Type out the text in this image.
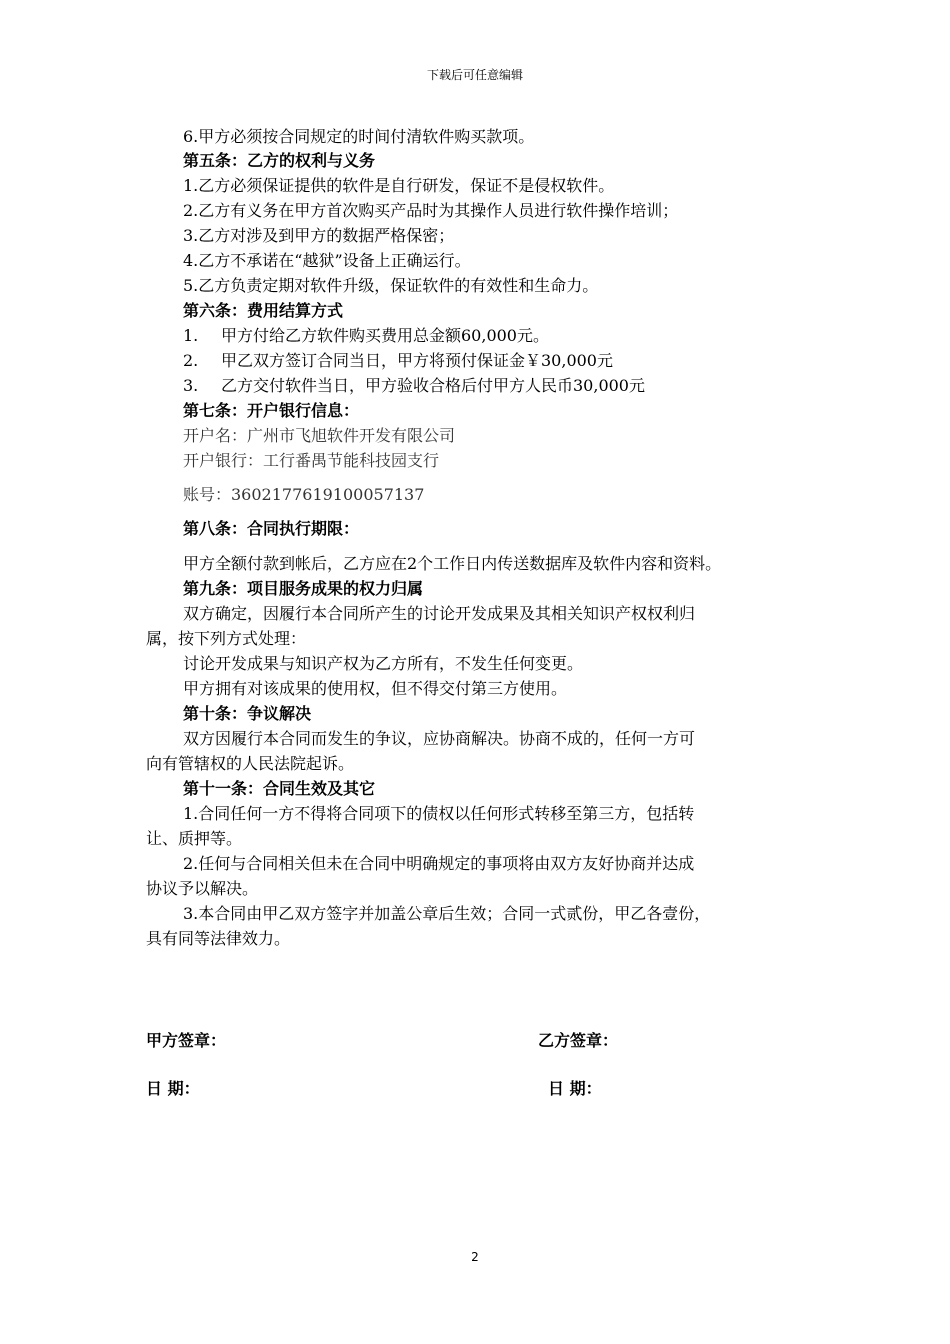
下载后可任意编辑
6.甲方必须按合同规定的时间付清软件购买款项。
第五条：乙方的权利与义务
1.乙方必须保证提供的软件是自行研发，保证不是侵权软件。
2.乙方有义务在甲方首次购买产品时为其操作人员进行软件操作培训；
3.乙方对涉及到甲方的数据严格保密；
4.乙方不承诺在“越狱”设备上正确运行。
5.乙方负责定期对软件升级，保证软件的有效性和生命力。
第六条：费用结算方式
1. 甲方付给乙方软件购买费用总金额60,000元。
2. 甲乙双方签订合同当日，甲方将预付保证金￥30,000元
3. 乙方交付软件当日，甲方验收合格后付甲方人民币30,000元
第七条：开户银行信息：
开户名：广州市飞旭软件开发有限公司
开户银行：工行番禺节能科技园支行
账号：3602177619100057137
第八条：合同执行期限：
甲方全额付款到帐后，乙方应在2个工作日内传送数据库及软件内容和资料。
第九条：项目服务成果的权力归属
双方确定，因履行本合同所产生的讨论开发成果及其相关知识产权权利归
属，按下列方式处理：
讨论开发成果与知识产权为乙方所有，不发生任何变更。
甲方拥有对该成果的使用权，但不得交付第三方使用。
第十条：争议解决
双方因履行本合同而发生的争议，应协商解决。协商不成的，任何一方可
向有管辖权的人民法院起诉。
第十一条：合同生效及其它
1.合同任何一方不得将合同项下的债权以任何形式转移至第三方，包括转
让、质押等。
2.任何与合同相关但未在合同中明确规定的事项将由双方友好协商并达成
协议予以解决。
3.本合同由甲乙双方签字并加盖公章后生效；合同一式贰份，甲乙各壹份，
具有同等法律效力。
甲方签章：	乙方签章：
日 期：	日 期：
2
